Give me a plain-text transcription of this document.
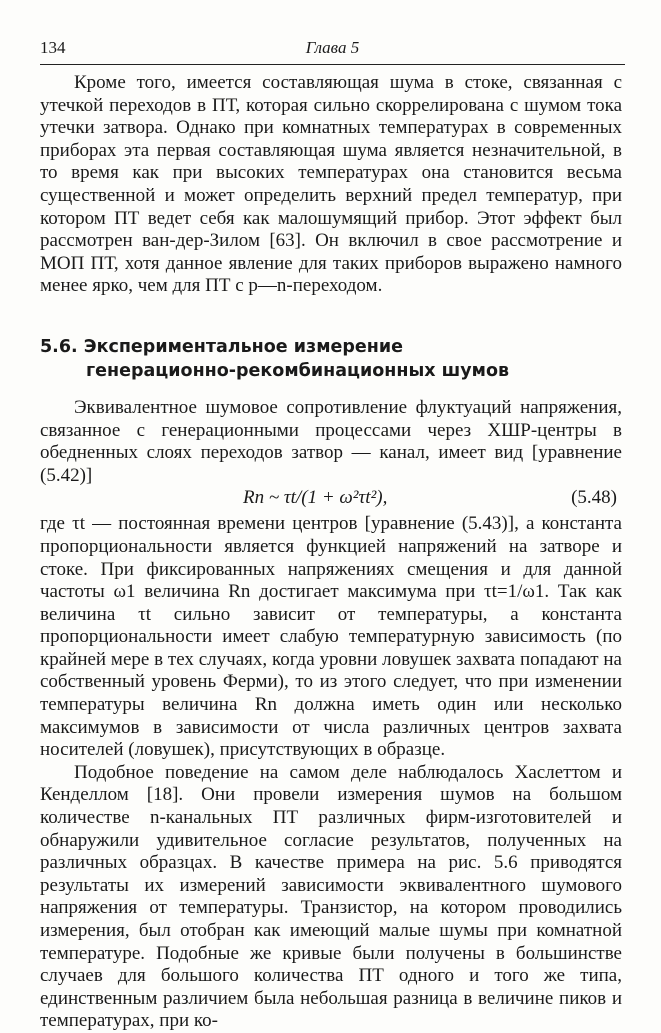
134	Глава 5

Кроме того, имеется составляющая шума в стоке, связанная с утечкой переходов в ПТ, которая сильно скоррелирована с шумом тока утечки затвора. Однако при комнатных температурах в современных приборах эта первая составляющая шума является незначительной, в то время как при высоких температурах она становится весьма существенной и может определить верхний предел температур, при котором ПТ ведет себя как малошумящий прибор. Этот эффект был рассмотрен ван-дер-Зилом [63]. Он включил в свое рассмотрение и МОП ПТ, хотя данное явление для таких приборов выражено намного менее ярко, чем для ПТ с p—n-переходом.

5.6. Экспериментальное измерение
генерационно-рекомбинационных шумов

Эквивалентное шумовое сопротивление флуктуаций напряжения, связанное с генерационными процессами через ХШР-центры в обедненных слоях переходов затвор — канал, имеет вид [уравнение (5.42)]

Rn ~ τt/(1 + ω²τt²),	(5.48)

где τt — постоянная времени центров [уравнение (5.43)], а константа пропорциональности является функцией напряжений на затворе и стоке. При фиксированных напряжениях смещения и для данной частоты ω1 величина Rn достигает максимума при τt=1/ω1. Так как величина τt сильно зависит от температуры, а константа пропорциональности имеет слабую температурную зависимость (по крайней мере в тех случаях, когда уровни ловушек захвата попадают на собственный уровень Ферми), то из этого следует, что при изменении температуры величина Rn должна иметь один или несколько максимумов в зависимости от числа различных центров захвата носителей (ловушек), присутствующих в образце.

Подобное поведение на самом деле наблюдалось Хаслеттом и Кенделлом [18]. Они провели измерения шумов на большом количестве n-канальных ПТ различных фирм-изготовителей и обнаружили удивительное согласие результатов, полученных на различных образцах. В качестве примера на рис. 5.6 приводятся результаты их измерений зависимости эквивалентного шумового напряжения от температуры. Транзистор, на котором проводились измерения, был отобран как имеющий малые шумы при комнатной температуре. Подобные же кривые были получены в большинстве случаев для большого количества ПТ одного и того же типа, единственным различием была небольшая разница в величине пиков и температурах, при ко-
